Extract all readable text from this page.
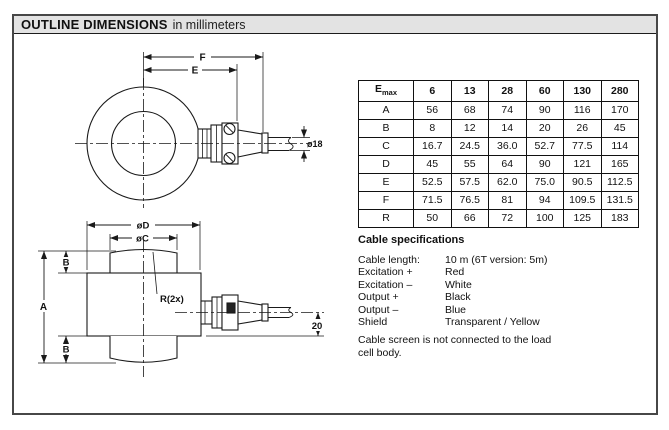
OUTLINE DIMENSIONS in millimeters
F
E
ø18
øD
øC
A
B
B
R(2x)
20
$E_{max}$	6	13	28	60	130	280
A	56	68	74	90	116	170
B	8	12	14	20	26	45
C	16.7	24.5	36.0	52.7	77.5	114
D	45	55	64	90	121	165
E	52.5	57.5	62.0	75.0	90.5	112.5
F	71.5	76.5	81	94	109.5	131.5
R	50	66	72	100	125	183
Cable specifications
Cable length:	10 m (6T version: 5m)
Excitation +	Red
Excitation –	White
Output +	Black
Output –	Blue
Shield	Transparent / Yellow
Cable screen is not connected to the load cell body.
